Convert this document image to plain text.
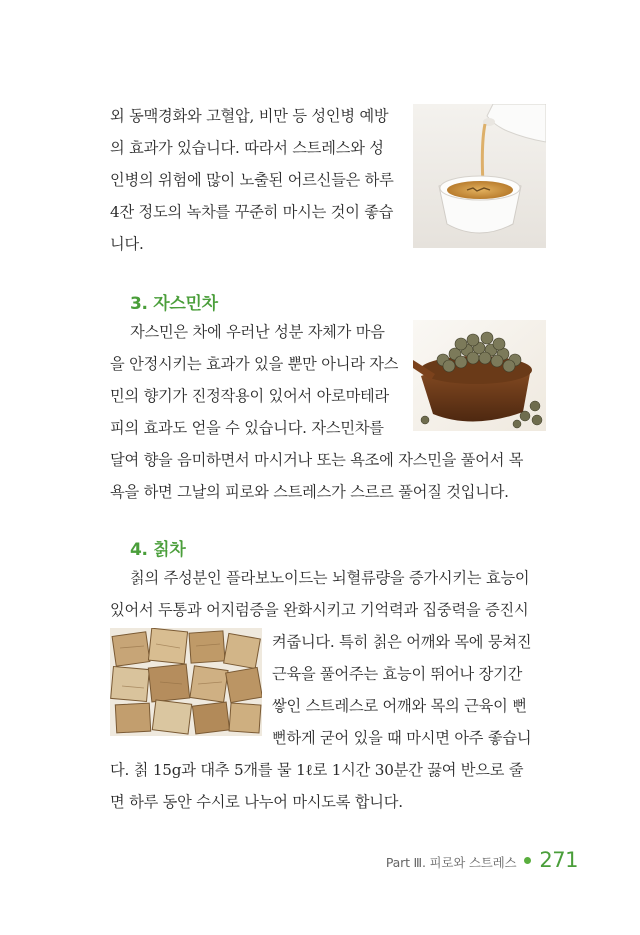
외 동맥경화와 고혈압, 비만 등 성인병 예방
의 효과가 있습니다. 따라서 스트레스와 성
인병의 위험에 많이 노출된 어르신들은 하루
4잔 정도의 녹차를 꾸준히 마시는 것이 좋습
니다.
3. 자스민차
자스민은 차에 우러난 성분 자체가 마음
을 안정시키는 효과가 있을 뿐만 아니라 자스
민의 향기가 진정작용이 있어서 아로마테라
피의 효과도 얻을 수 있습니다. 자스민차를
달여 향을 음미하면서 마시거나 또는 욕조에 자스민을 풀어서 목
욕을 하면 그날의 피로와 스트레스가 스르르 풀어질 것입니다.
4. 칡차
칡의 주성분인 플라보노이드는 뇌혈류량을 증가시키는 효능이
있어서 두통과 어지럼증을 완화시키고 기억력과 집중력을 증진시
켜줍니다. 특히 칡은 어깨와 목에 뭉쳐진
근육을 풀어주는 효능이 뛰어나 장기간
쌓인 스트레스로 어깨와 목의 근육이 뻔
뻔하게 굳어 있을 때 마시면 아주 좋습니
다. 칡 15g과 대추 5개를 물 1ℓ로 1시간 30분간 끓여 반으로 줄
면 하루 동안 수시로 나누어 마시도록 합니다.
Part Ⅲ. 피로와 스트레스 271
